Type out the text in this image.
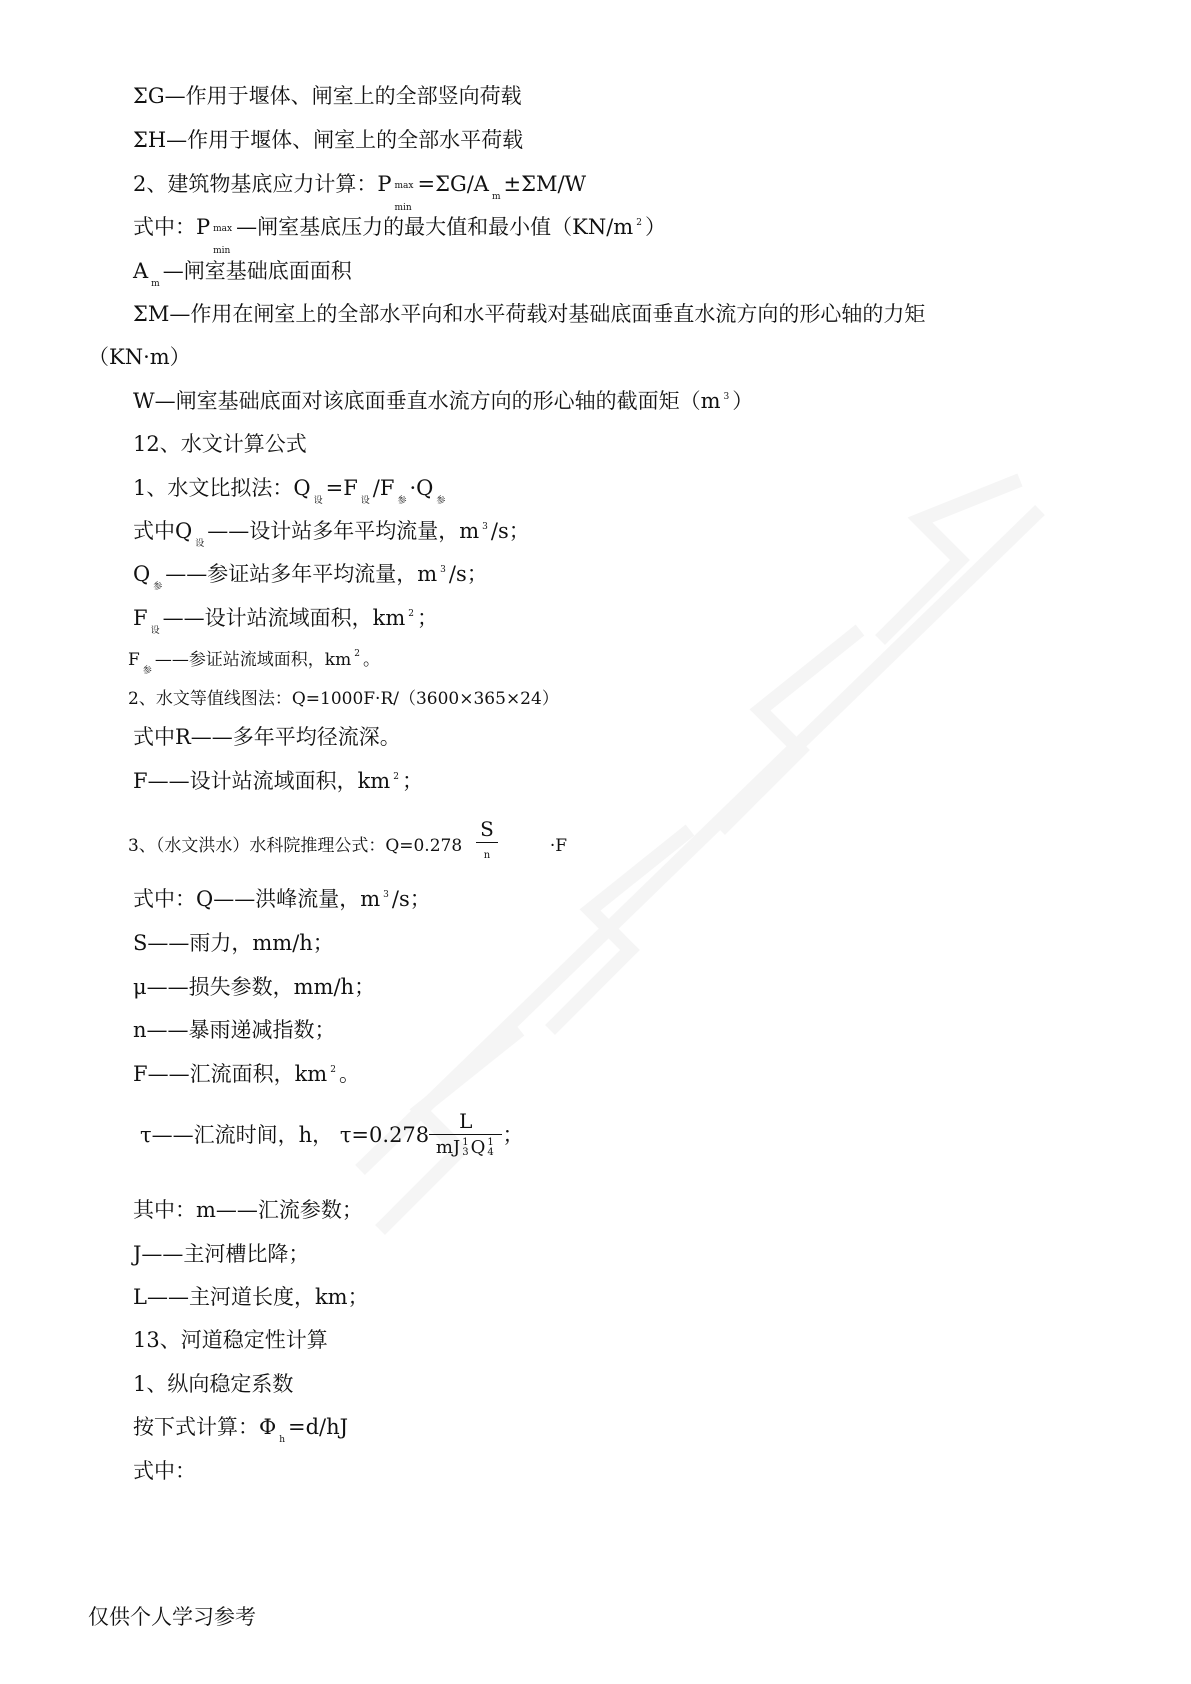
ΣG—作用于堰体、闸室上的全部竖向荷载
ΣH—作用于堰体、闸室上的全部水平荷载
2、建筑物基底应力计算：P max
min
$=\Sigma G/A_m\pm\Sigma M/W$
式中：P max
min
—闸室基底压力的最大值和最小值（KN/m $^2$ ）
$A_m—$闸室基础底面面积
ΣM—作用在闸室上的全部水平向和水平荷载对基础底面垂直水流方向的形心轴的力矩
（KN·m）
W—闸室基础底面对该底面垂直水流方向的形心轴的截面矩（m $^3$ ）
12、水文计算公式
1、水文比拟法：$Q_设=F_设/F_参\cdot Q_参$
式中$Q_设——$设计站多年平均流量，m $^3$ /s；
$Q_参——$参证站多年平均流量，m $^3$ /s；
$F_设——$设计站流域面积，km $^2$ ；
$F_参——$参证站流域面积，km $^2$ 。
2、水文等值线图法：Q=1000F·R/（3600×365×24）
式中R——多年平均径流深。
F——设计站流域面积，km $^2$ ；
3、（水文洪水）水科院推理公式：$Q=0.278 \frac{S}{n}$	·F
式中：Q——洪峰流量，m $^3$ /s；
S——雨力，mm/h；
μ——损失参数，mm/h；
n——暴雨递减指数；
F——汇流面积，km $^2$ 。
τ——汇流时间，h， τ=0.278 L
mJ 1
3 Q 1
4 ；
其中：m——汇流参数；
J——主河槽比降；
L——主河道长度，km；
13、河道稳定性计算
1、纵向稳定系数
按下式计算：$\Phi_h=d/hJ$
式中：
仅供个人学习参考
